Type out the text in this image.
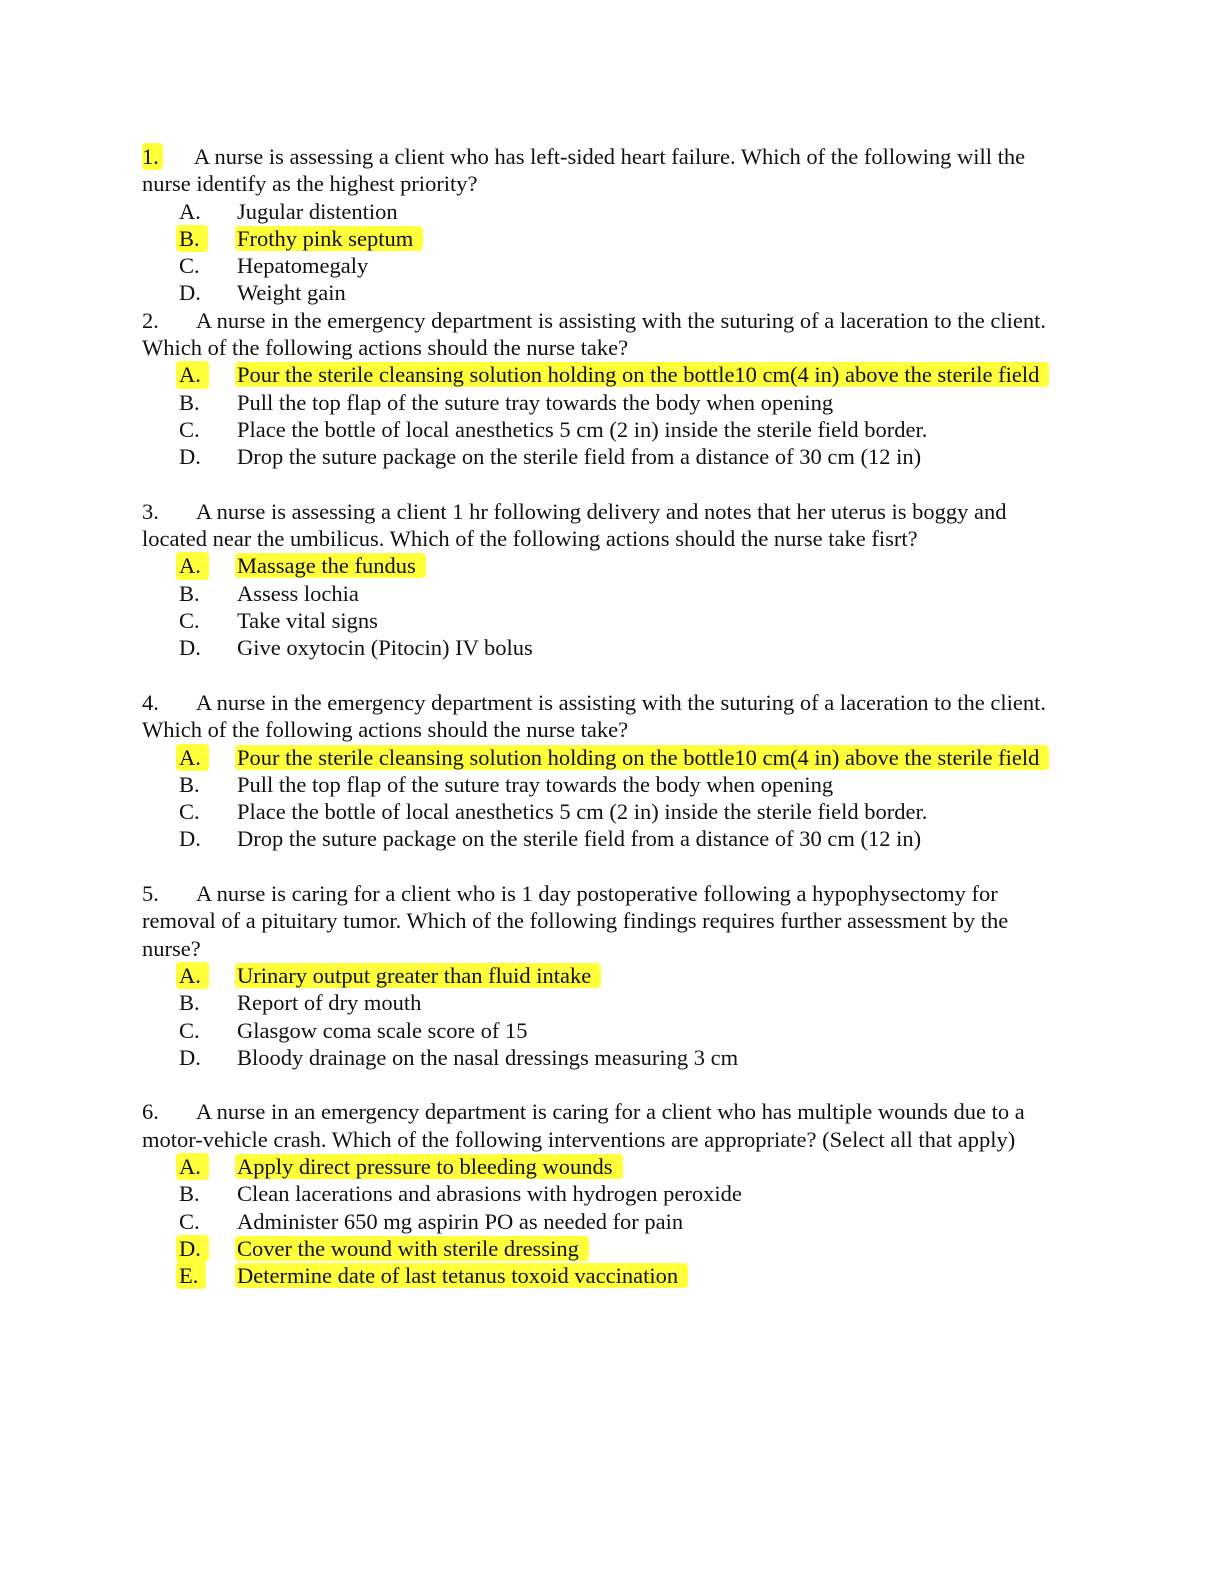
1. A nurse is assessing a client who has left-sided heart failure. Which of the following will the nurse identify as the highest priority?

A. Jugular distention
B.	Frothy pink septum
C. Hepatomegaly
D. Weight gain

2. A nurse in the emergency department is assisting with the suturing of a laceration to the client. Which of the following actions should the nurse take?

A.	Pour the sterile cleansing solution holding on the bottle10 cm(4 in) above the sterile field
B. Pull the top flap of the suture tray towards the body when opening
C. Place the bottle of local anesthetics 5 cm (2 in) inside the sterile field border.
D. Drop the suture package on the sterile field from a distance of 30 cm (12 in)

3. A nurse is assessing a client 1 hr following delivery and notes that her uterus is boggy and located near the umbilicus. Which of the following actions should the nurse take fisrt?

A.	Massage the fundus
B. Assess lochia
C. Take vital signs
D. Give oxytocin (Pitocin) IV bolus

4. A nurse in the emergency department is assisting with the suturing of a laceration to the client. Which of the following actions should the nurse take?

A.	Pour the sterile cleansing solution holding on the bottle10 cm(4 in) above the sterile field
B. Pull the top flap of the suture tray towards the body when opening
C. Place the bottle of local anesthetics 5 cm (2 in) inside the sterile field border.
D. Drop the suture package on the sterile field from a distance of 30 cm (12 in)

5. A nurse is caring for a client who is 1 day postoperative following a hypophysectomy for removal of a pituitary tumor. Which of the following findings requires further assessment by the nurse?

A.	Urinary output greater than fluid intake
B. Report of dry mouth
C. Glasgow coma scale score of 15
D. Bloody drainage on the nasal dressings measuring 3 cm

6. A nurse in an emergency department is caring for a client who has multiple wounds due to a motor-vehicle crash. Which of the following interventions are appropriate? (Select all that apply)

A.	Apply direct pressure to bleeding wounds
B. Clean lacerations and abrasions with hydrogen peroxide
C. Administer 650 mg aspirin PO as needed for pain
D.	Cover the wound with sterile dressing
E.	Determine date of last tetanus toxoid vaccination
